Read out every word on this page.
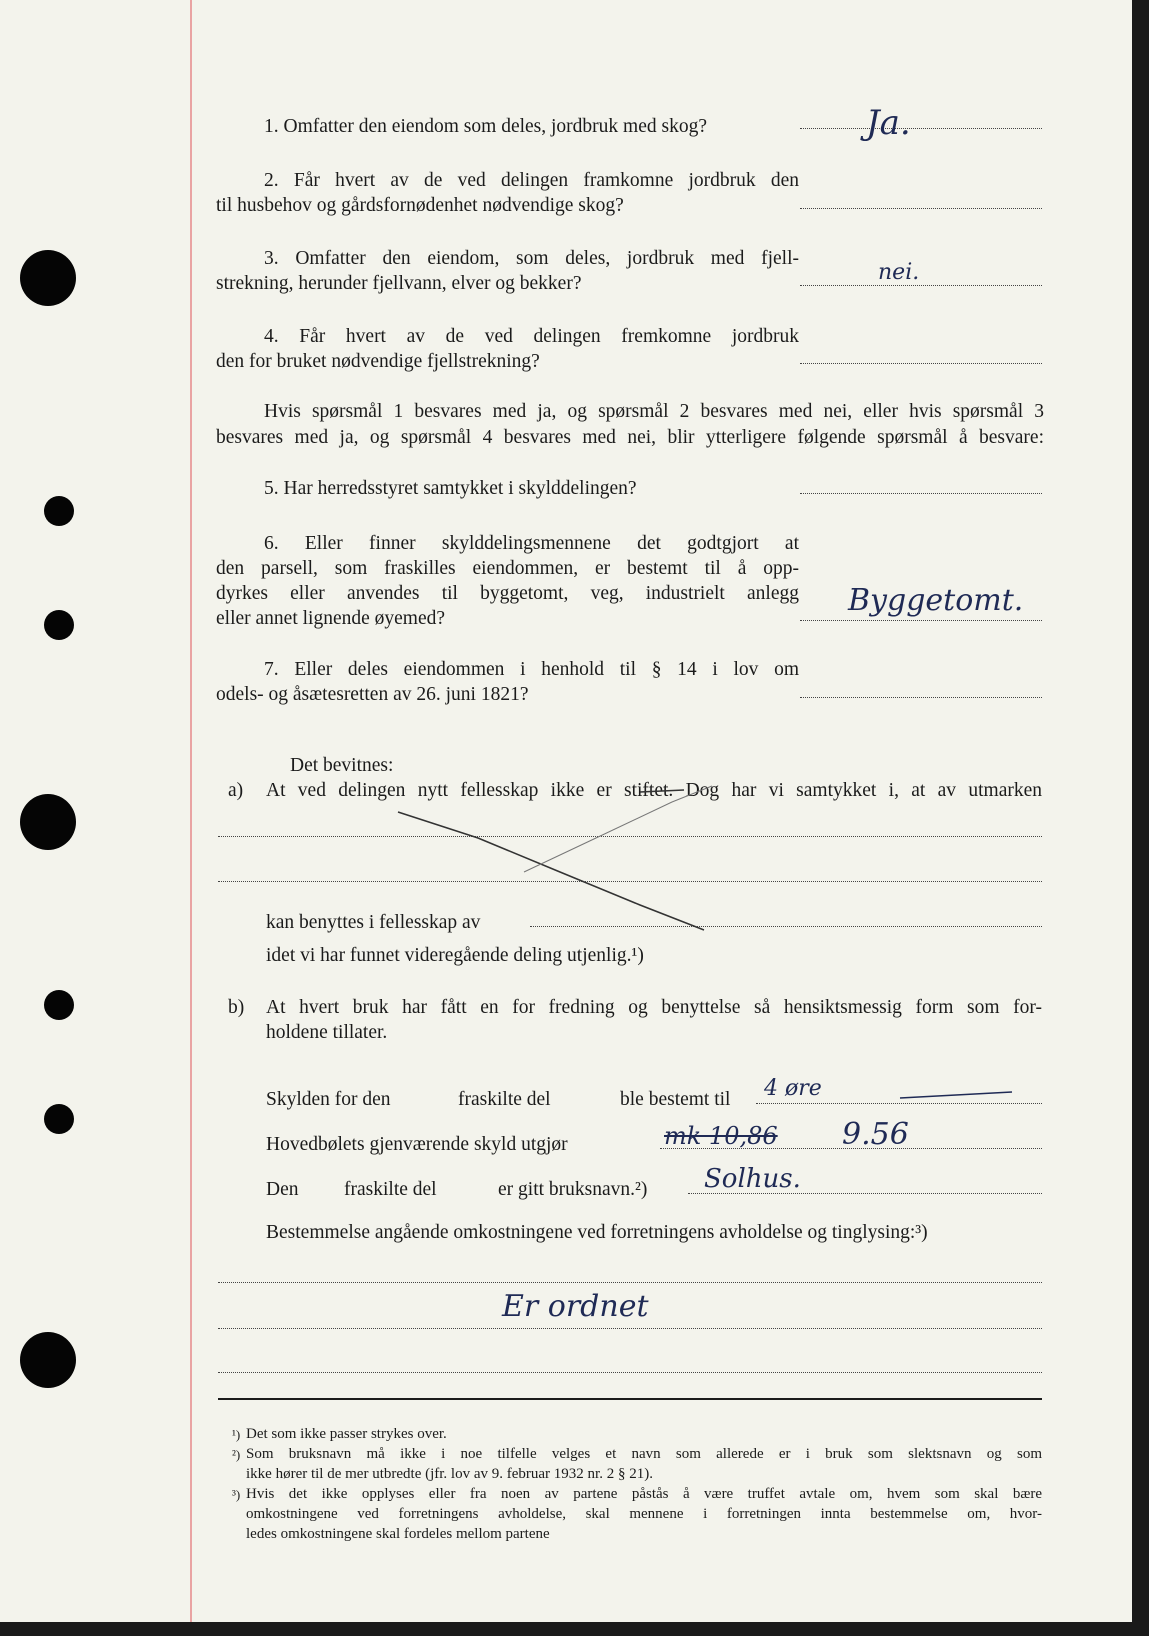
1. Omfatter den eiendom som deles, jordbruk med skog?	Ja.
2. Får hvert av de ved delingen framkomne jordbruk den
til husbehov og gårdsfornødenhet nødvendige skog?
3. Omfatter den eiendom, som deles, jordbruk med fjell-
strekning, herunder fjellvann, elver og bekker?	nei.
4. Får hvert av de ved delingen fremkomne jordbruk
den for bruket nødvendige fjellstrekning?
Hvis spørsmål 1 besvares med ja, og spørsmål 2 besvares med nei, eller hvis spørsmål 3
besvares med ja, og spørsmål 4 besvares med nei, blir ytterligere følgende spørsmål å besvare:
5. Har herredsstyret samtykket i skylddelingen?
6. Eller finner skylddelingsmennene det godtgjort at
den parsell, som fraskilles eiendommen, er bestemt til å opp-
dyrkes eller anvendes til byggetomt, veg, industrielt anlegg
eller annet lignende øyemed?
Byggetomt.
7. Eller deles eiendommen i henhold til § 14 i lov om
odels- og åsætesretten av 26. juni 1821?
Det bevitnes:
a) At ved delingen nytt fellesskap ikke er stiftet. Dog har vi samtykket i, at av utmarken
kan benyttes i fellesskap av
idet vi har funnet videregående deling utjenlig.¹)
b) At hvert bruk har fått en for fredning og benyttelse så hensiktsmessig form som for-
holdene tillater.
Skylden for den	fraskilte del	ble bestemt til 4 øre
Hovedbølets gjenværende skyld utgjør	mk 10,86 9.56
Den fraskilte del	er gitt bruksnavn.²) Solhus.
Bestemmelse angående omkostningene ved forretningens avholdelse og tinglysing:³)
Er ordnet
¹) Det som ikke passer strykes over.
²) Som bruksnavn må ikke i noe tilfelle velges et navn som allerede er i bruk som slektsnavn og som
ikke hører til de mer utbredte (jfr. lov av 9. februar 1932 nr. 2 § 21).
³) Hvis det ikke opplyses eller fra noen av partene påstås å være truffet avtale om, hvem som skal bære
omkostningene ved forretningens avholdelse, skal mennene i forretningen innta bestemmelse om, hvor-
ledes omkostningene skal fordeles mellom partene
